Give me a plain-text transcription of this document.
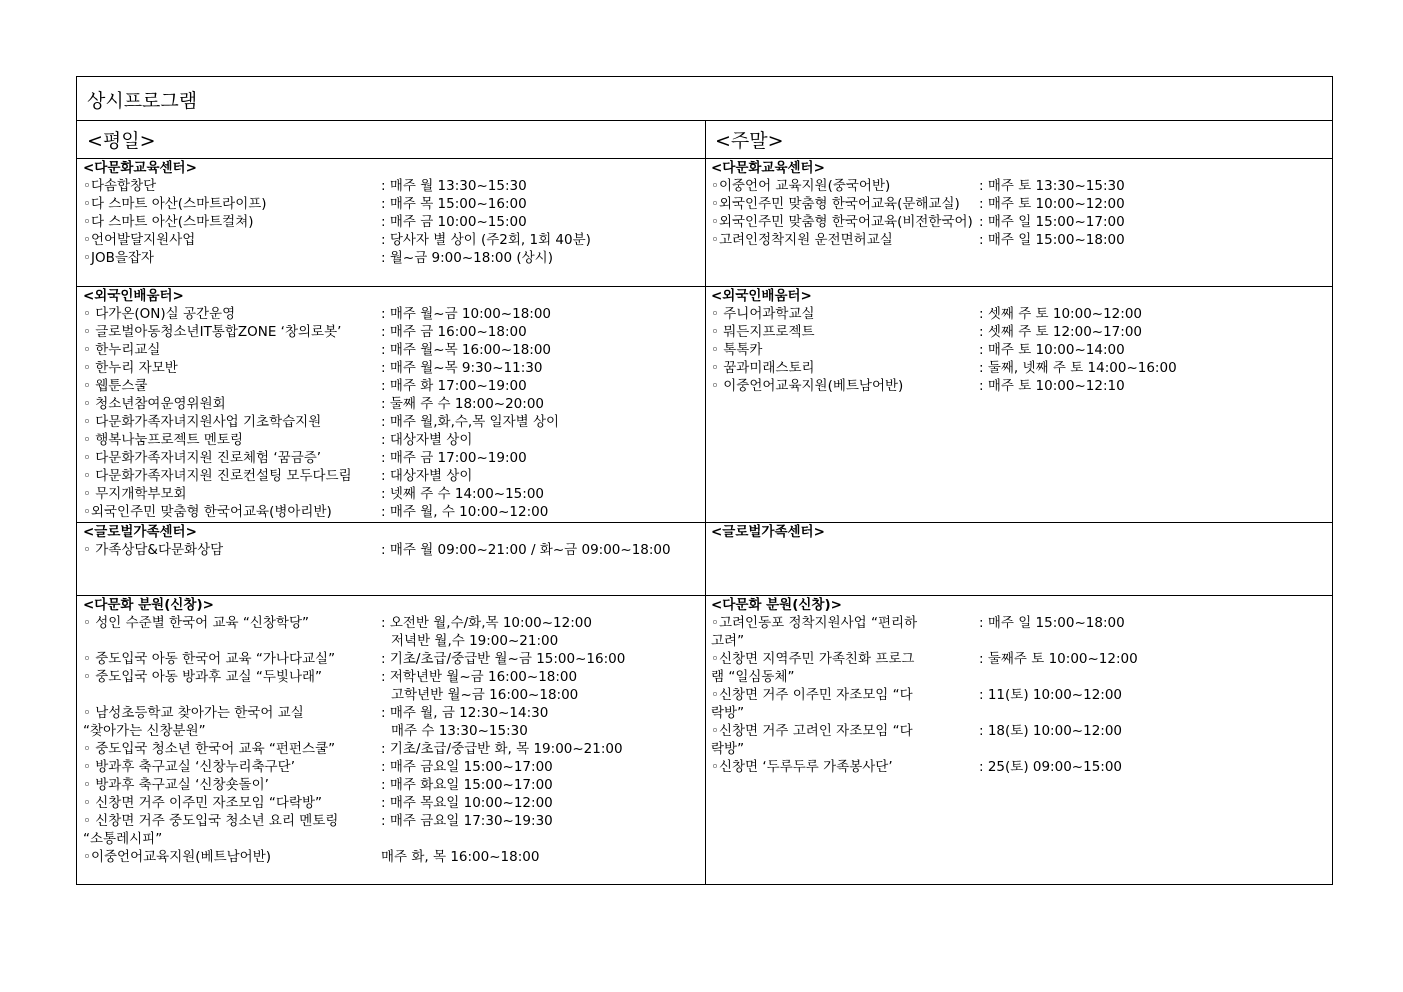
상시프로그램
<평일>	<주말>
<다문화교육센터>
◦다솜합창단	: 매주 월 13:30~15:30
◦다 스마트 아산(스마트라이프)	: 매주 목 15:00~16:00
◦다 스마트 아산(스마트컬쳐)	: 매주 금 10:00~15:00
◦언어발달지원사업	: 당사자 별 상이 (주2회, 1회 40분)
◦JOB을잡자	: 월~금 9:00~18:00 (상시)
<다문화교육센터>
◦이중언어 교육지원(중국어반)	: 매주 토 13:30~15:30
◦외국인주민 맞춤형 한국어교육(문해교실) : 매주 토 10:00~12:00
◦외국인주민 맞춤형 한국어교육(비전한국어) : 매주 일 15:00~17:00
◦고려인정착지원 운전면허교실	: 매주 일 15:00~18:00
<외국인배움터>
◦ 다가온(ON)실 공간운영	: 매주 월~금 10:00~18:00
◦ 글로벌아동청소년IT통합ZONE ‘창의로봇’	: 매주 금 16:00~18:00
◦ 한누리교실	: 매주 월~목 16:00~18:00
◦ 한누리 자모반	: 매주 월~목 9:30~11:30
◦ 웹툰스쿨	: 매주 화 17:00~19:00
◦ 청소년참여운영위원회	: 둘째 주 수 18:00~20:00
◦ 다문화가족자녀지원사업 기초학습지원	: 매주 월,화,수,목 일자별 상이
◦ 행복나눔프로젝트 멘토링	: 대상자별 상이
◦ 다문화가족자녀지원 진로체험 ‘꿈금증’	: 매주 금 17:00~19:00
◦ 다문화가족자녀지원 진로컨설팅 모두다드림 : 대상자별 상이
◦ 무지개학부모회	: 넷째 주 수 14:00~15:00
◦외국인주민 맞춤형 한국어교육(병아리반)	: 매주 월, 수 10:00~12:00
<외국인배움터>
◦ 주니어과학교실	: 셋째 주 토 10:00~12:00
◦ 뭐든지프로젝트	: 셋째 주 토 12:00~17:00
◦ 톡톡카	: 매주 토 10:00~14:00
◦ 꿈과미래스토리	: 둘째, 넷째 주 토 14:00~16:00
◦ 이중언어교육지원(베트남어반)	: 매주 토 10:00~12:10
<글로벌가족센터>
◦ 가족상담&다문화상담	: 매주 월 09:00~21:00 / 화~금 09:00~18:00
<글로벌가족센터>
<다문화 분원(신창)>
◦ 성인 수준별 한국어 교육 “신창학당”	: 오전반 월,수/화,목 10:00~12:00

저녁반 월,수 19:00~21:00
◦ 중도입국 아동 한국어 교육 “가나다교실”	: 기초/초급/중급반 월~금 15:00~16:00
◦ 중도입국 아동 방과후 교실 “두빛나래”	: 저학년반 월~금 16:00~18:00

고학년반 월~금 16:00~18:00
◦ 남성초등학교 찾아가는 한국어 교실	: 매주 월, 금 12:30~14:30
“찾아가는 신창분원”	매주 수 13:30~15:30
◦ 중도입국 청소년 한국어 교육 “펀펀스쿨”	: 기초/초급/중급반 화, 목 19:00~21:00
◦ 방과후 축구교실 ‘신창누리축구단’	: 매주 금요일 15:00~17:00
◦ 방과후 축구교실 ‘신창숏돌이’	: 매주 화요일 15:00~17:00
◦ 신창면 거주 이주민 자조모임 “다락방”	: 매주 목요일 10:00~12:00
◦ 신창면 거주 중도입국 청소년 요리 멘토링	: 매주 금요일 17:30~19:30
“소통레시피”
◦이중언어교육지원(베트남어반)	매주 화, 목 16:00~18:00
<다문화 분원(신창)>
◦고려인동포 정착지원사업 “편리하	: 매주 일 15:00~18:00
고려”
◦신창면 지역주민 가족친화 프로그	: 둘째주 토 10:00~12:00
램 “일심동체”
◦신창면 거주 이주민 자조모임 “다	: 11(토) 10:00~12:00
락방”
◦신창면 거주 고려인 자조모임 “다	: 18(토) 10:00~12:00
락방”
◦신창면 ‘두루두루 가족봉사단’	: 25(토) 09:00~15:00
